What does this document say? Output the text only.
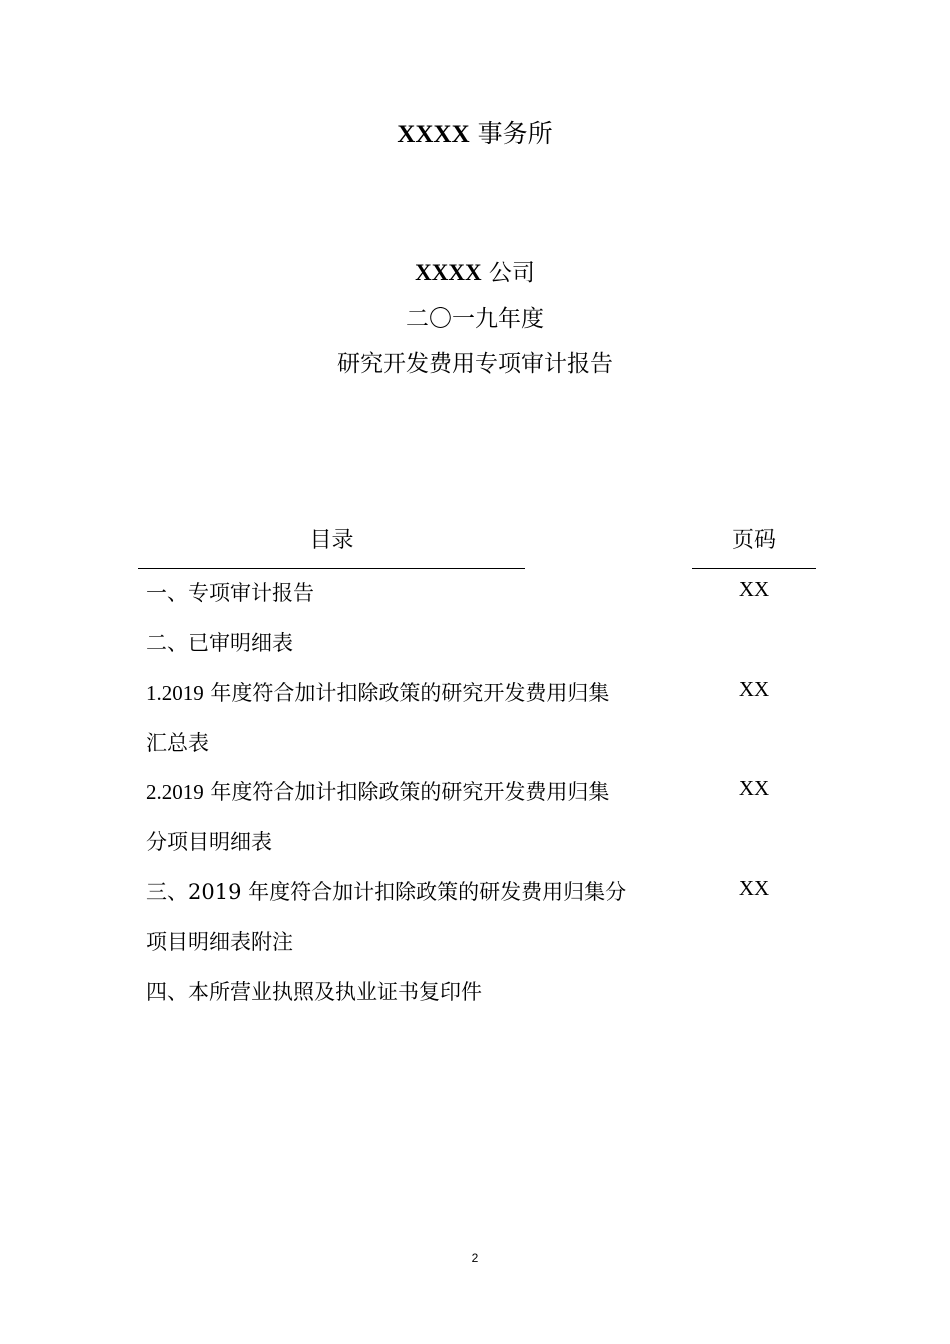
XXXX 事务所
XXXX 公司
二〇一九年度
研究开发费用专项审计报告
目录	页码
一、专项审计报告	XX
二、已审明细表
1.2019 年度符合加计扣除政策的研究开发费用归集	XX
汇总表
2.2019 年度符合加计扣除政策的研究开发费用归集	XX
分项目明细表
三、2019 年度符合加计扣除政策的研发费用归集分	XX
项目明细表附注
四、本所营业执照及执业证书复印件
2
